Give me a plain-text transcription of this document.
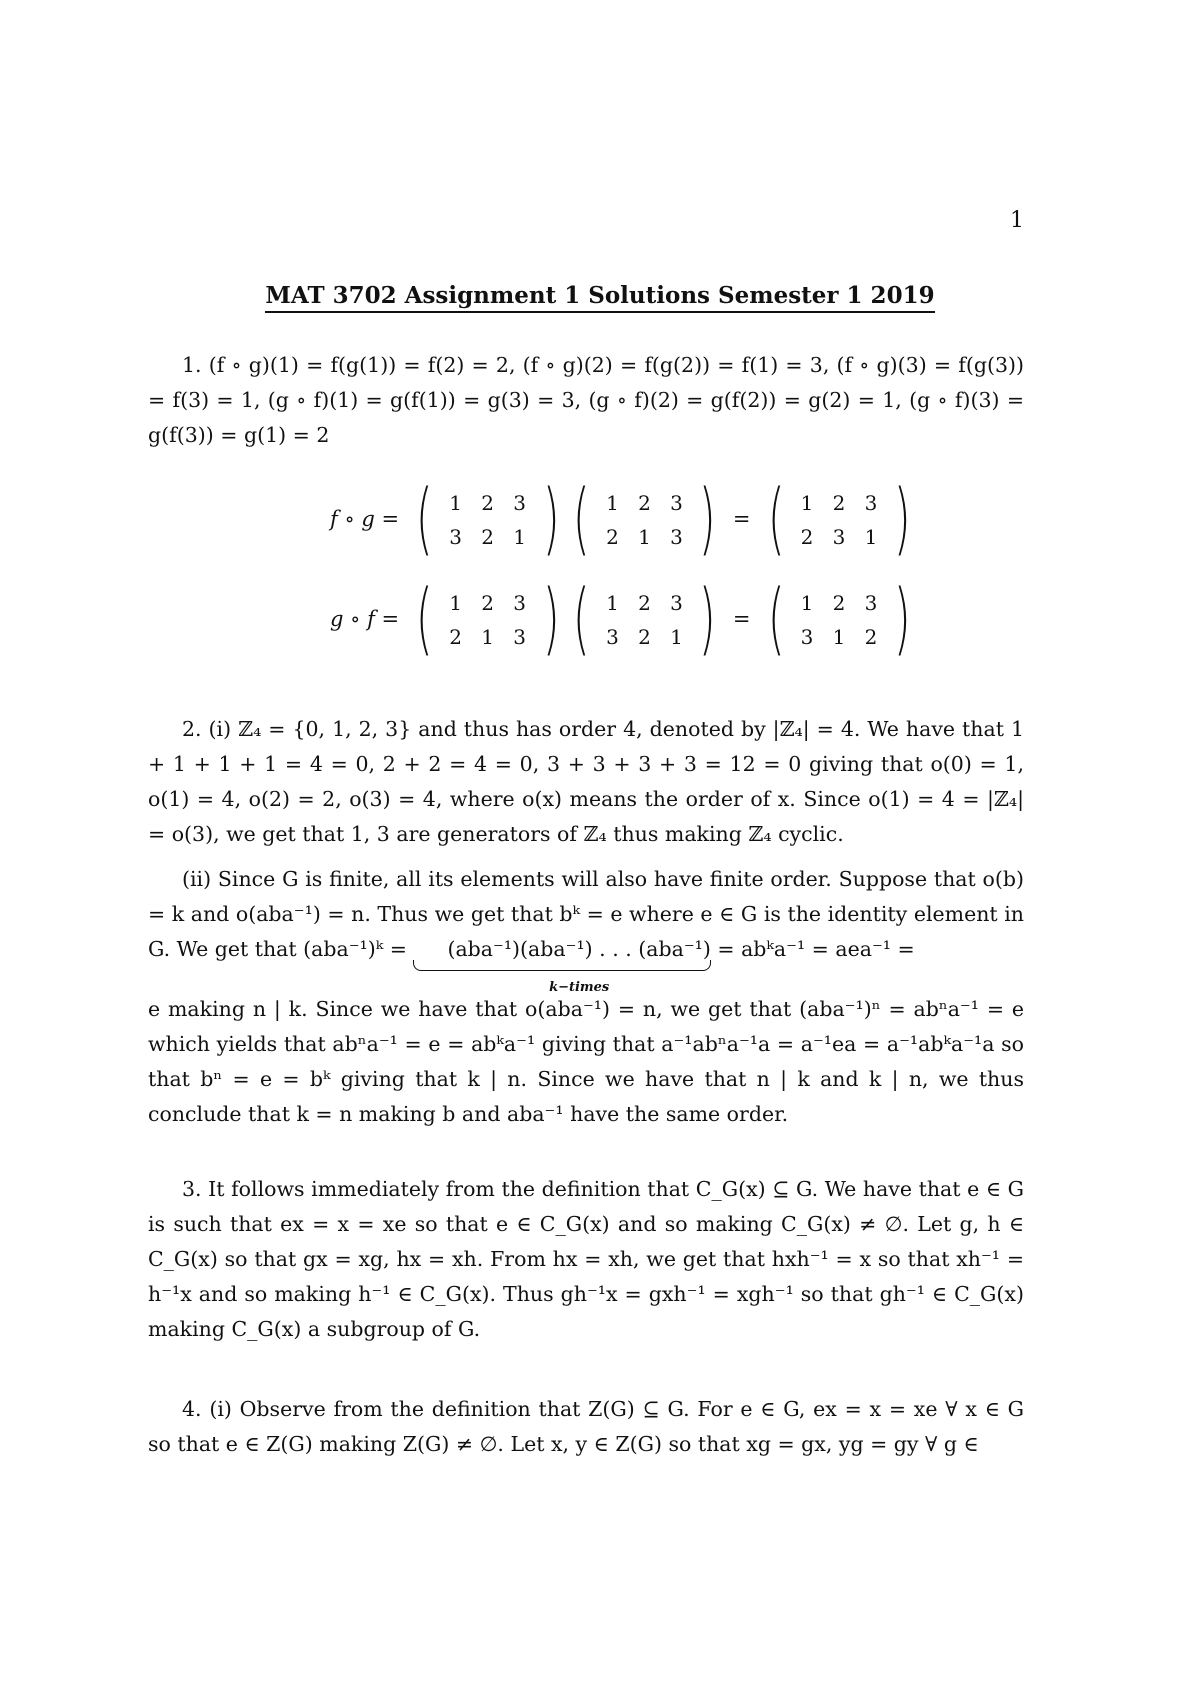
1
MAT 3702 Assignment 1 Solutions Semester 1 2019

1. (f ∘ g)(1) = f(g(1)) = f(2) = 2, (f ∘ g)(2) = f(g(2)) = f(1) = 3, (f ∘ g)(3) = f(g(3)) = f(3) = 1, (g ∘ f)(1) = g(f(1)) = g(3) = 3, (g ∘ f)(2) = g(f(2)) = g(2) = 1, (g ∘ f)(3) = g(f(3)) = g(1) = 2

f ∘ g = ( 1 2 3
3 2 1 ) ( 1 2 3
2 1 3 ) = ( 1 2 3
2 3 1 )
g ∘ f = ( 1 2 3
2 1 3 ) ( 1 2 3
3 2 1 ) = ( 1 2 3
3 1 2 )

2. (i) ℤ₄ = {0, 1, 2, 3} and thus has order 4, denoted by |ℤ₄| = 4. We have that 1 + 1 + 1 + 1 = 4 = 0, 2 + 2 = 4 = 0, 3 + 3 + 3 + 3 = 12 = 0 giving that o(0) = 1, o(1) = 4, o(2) = 2, o(3) = 4, where o(x) means the order of x. Since o(1) = 4 = |ℤ₄| = o(3), we get that 1, 3 are generators of ℤ₄ thus making ℤ₄ cyclic.

(ii) Since G is finite, all its elements will also have finite order. Suppose that o(b) = k and o(aba⁻¹) = n. Thus we get that bᵏ = e where e ∈ G is the identity element in G. We get that (aba⁻¹)ᵏ = (aba⁻¹)(aba⁻¹) . . . (aba⁻¹)
k−times
= abᵏa⁻¹ = aea⁻¹ =

e making n | k. Since we have that o(aba⁻¹) = n, we get that (aba⁻¹)ⁿ = abⁿa⁻¹ = e which yields that abⁿa⁻¹ = e = abᵏa⁻¹ giving that a⁻¹abⁿa⁻¹a = a⁻¹ea = a⁻¹abᵏa⁻¹a so that bⁿ = e = bᵏ giving that k | n. Since we have that n | k and k | n, we thus conclude that k = n making b and aba⁻¹ have the same order.

3. It follows immediately from the definition that C_G(x) ⊆ G. We have that e ∈ G is such that ex = x = xe so that e ∈ C_G(x) and so making C_G(x) ≠ ∅. Let g, h ∈ C_G(x) so that gx = xg, hx = xh. From hx = xh, we get that hxh⁻¹ = x so that xh⁻¹ = h⁻¹x and so making h⁻¹ ∈ C_G(x). Thus gh⁻¹x = gxh⁻¹ = xgh⁻¹ so that gh⁻¹ ∈ C_G(x) making C_G(x) a subgroup of G.

4. (i) Observe from the definition that Z(G) ⊆ G. For e ∈ G, ex = x = xe ∀ x ∈ G so that e ∈ Z(G) making Z(G) ≠ ∅. Let x, y ∈ Z(G) so that xg = gx, yg = gy ∀ g ∈
